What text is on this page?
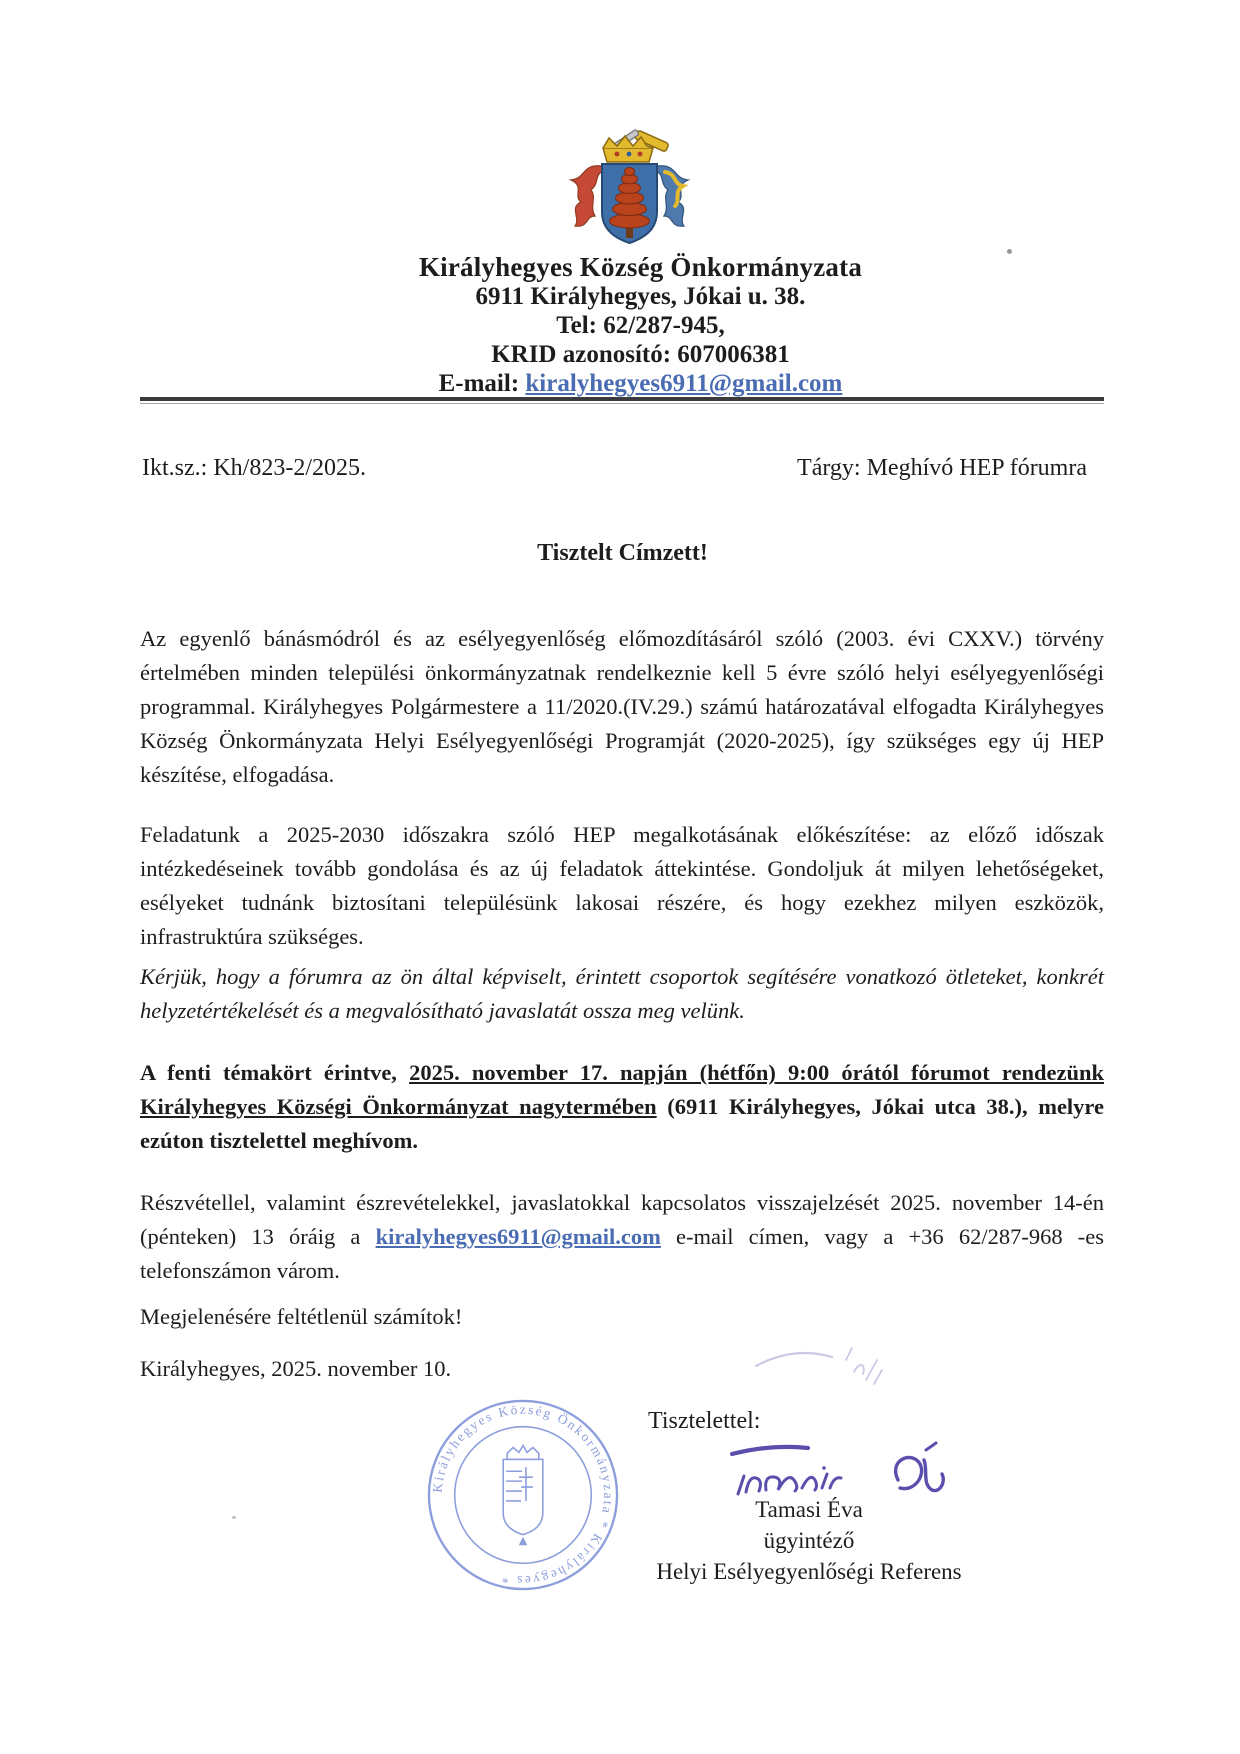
Királyhegyes Község Önkormányzata
6911 Királyhegyes, Jókai u. 38.
Tel: 62/287-945,
KRID azonosító: 607006381
E-mail: kiralyhegyes6911@gmail.com
Ikt.sz.: Kh/823-2/2025.	Tárgy: Meghívó HEP fórumra
Tisztelt Címzett!
Az egyenlő bánásmódról és az esélyegyenlőség előmozdításáról szóló (2003. évi CXXV.) törvény értelmében minden települési önkormányzatnak rendelkeznie kell 5 évre szóló helyi esélyegyenlőségi programmal. Királyhegyes Polgármestere a 11/2020.(IV.29.) számú határozatával elfogadta Királyhegyes Község Önkormányzata Helyi Esélyegyenlőségi Programját (2020-2025), így szükséges egy új HEP készítése, elfogadása.
Feladatunk a 2025-2030 időszakra szóló HEP megalkotásának előkészítése: az előző időszak intézkedéseinek tovább gondolása és az új feladatok áttekintése. Gondoljuk át milyen lehetőségeket, esélyeket tudnánk biztosítani településünk lakosai részére, és hogy ezekhez milyen eszközök, infrastruktúra szükséges.
Kérjük, hogy a fórumra az ön által képviselt, érintett csoportok segítésére vonatkozó ötleteket, konkrét helyzetértékelését és a megvalósítható javaslatát ossza meg velünk.
A fenti témakört érintve, 2025. november 17. napján (hétfőn) 9:00 órától fórumot rendezünk Királyhegyes Községi Önkormányzat nagytermében (6911 Királyhegyes, Jókai utca 38.), melyre ezúton tisztelettel meghívom.
Részvétellel, valamint észrevételekkel, javaslatokkal kapcsolatos visszajelzését 2025. november 14-én (pénteken) 13 óráig a kiralyhegyes6911@gmail.com e-mail címen, vagy a +36 62/287-968 -es telefonszámon várom.
Megjelenésére feltétlenül számítok!
Királyhegyes, 2025. november 10.
Királyhegyes Község Önkormányzata * Királyhegyes *
Tisztelettel:
Tamasi Éva
ügyintéző
Helyi Esélyegyenlőségi Referens
